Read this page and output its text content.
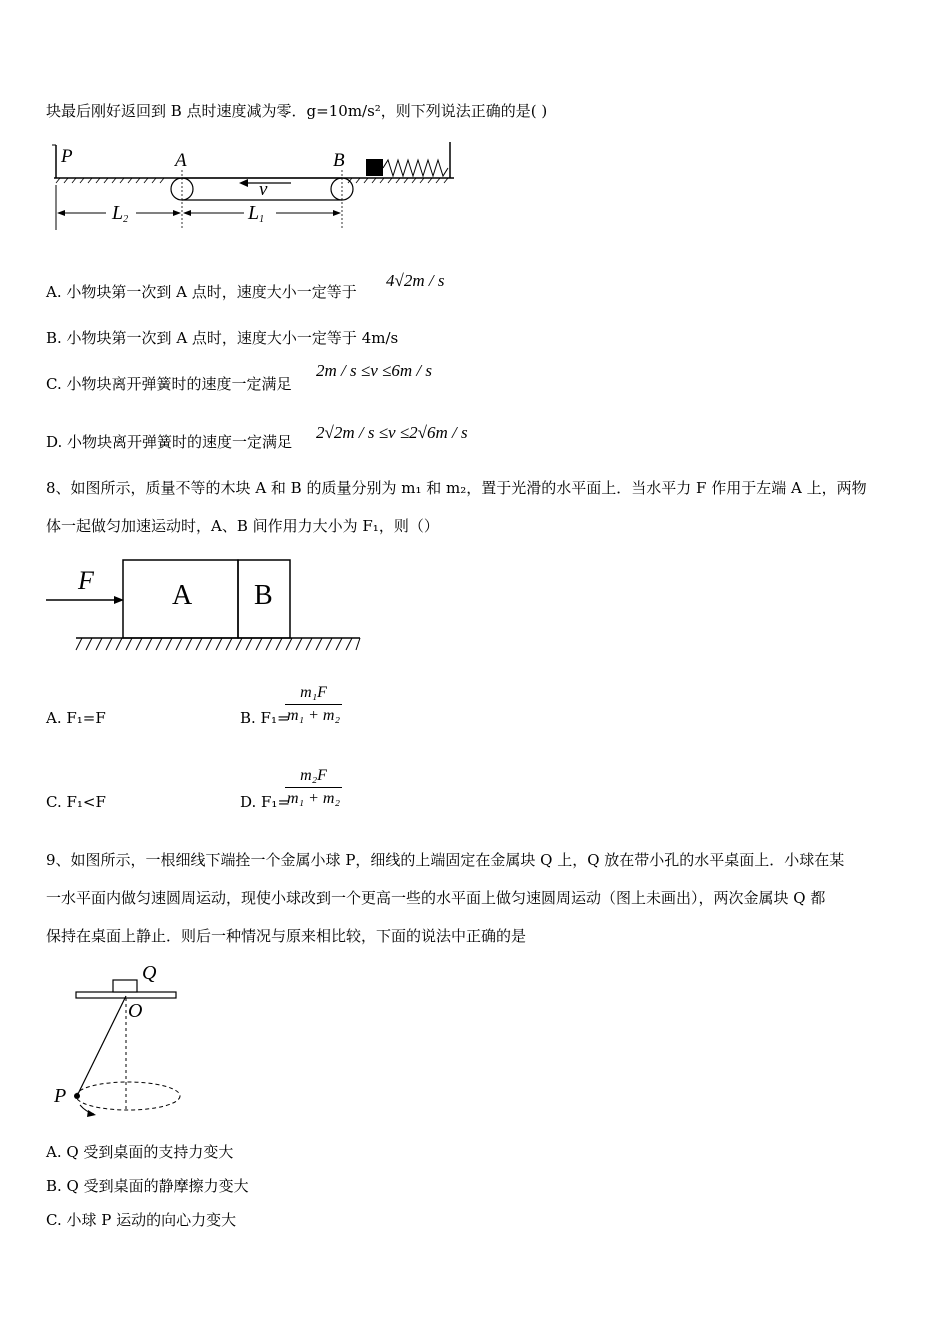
块最后刚好返回到 B 点时速度减为零．g=10m/s²，则下列说法正确的是( )
P	A	B
v
$L_2$	$L_1$
A. 小物块第一次到 A 点时，速度大小一定等于
4√2m / s
B. 小物块第一次到 A 点时，速度大小一定等于 4m/s
C. 小物块离开弹簧时的速度一定满足
2m / s ≤v ≤6m / s
D. 小物块离开弹簧时的速度一定满足 2√2m / s ≤v ≤2√6m / s
8、如图所示，质量不等的木块 A 和 B 的质量分别为 m₁ 和 m₂，置于光滑的水平面上．当水平力 F 作用于左端 A 上，两物
体一起做匀加速运动时，A、B 间作用力大小为 F₁，则（）
F	A B
A. F₁=F	B. F₁=
m₁F
m₁ + m₂
C. F₁<F	D. F₁=
m₂F
m₁ + m₂
9、如图所示，一根细线下端拴一个金属小球 P，细线的上端固定在金属块 Q 上，Q 放在带小孔的水平桌面上．小球在某
一水平面内做匀速圆周运动，现使小球改到一个更高一些的水平面上做匀速圆周运动（图上未画出），两次金属块 Q 都
保持在桌面上静止．则后一种情况与原来相比较，下面的说法中正确的是
Q
O
P
A. Q 受到桌面的支持力变大
B. Q 受到桌面的静摩擦力变大
C. 小球 P 运动的向心力变大
